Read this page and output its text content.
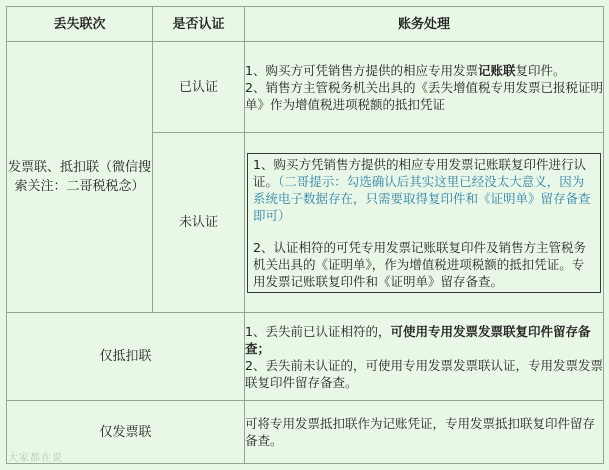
丢失联次	是否认证	账务处理
发票联、抵扣联（微信搜索关注：二哥税税念）	已认证	1、购买方可凭销售方提供的相应专用发票记账联复印件。
2、销售方主管税务机关出具的《丢失增值税专用发票已报税证明单》作为增值税进项税额的抵扣凭证

	未认证	1、购买方凭销售方提供的相应专用发票记账联复印件进行认证。（二哥提示：勾选确认后其实这里已经没太大意义，因为系统电子数据存在，只需要取得复印件和《证明单》留存备查即可）
2、认证相符的可凭专用发票记账联复印件及销售方主管税务机关出具的《证明单》，作为增值税进项税额的抵扣凭证。专用发票记账联复印件和《证明单》留存备查。

仅抵扣联		1、丢失前已认证相符的，可使用专用发票发票联复印件留存备查；
2、丢失前未认证的，可使用专用发票发票联认证，专用发票发票联复印件留存备查。

仅发票联		可将专用发票抵扣联作为记账凭证，专用发票抵扣联复印件留存备查。
大家都在说
